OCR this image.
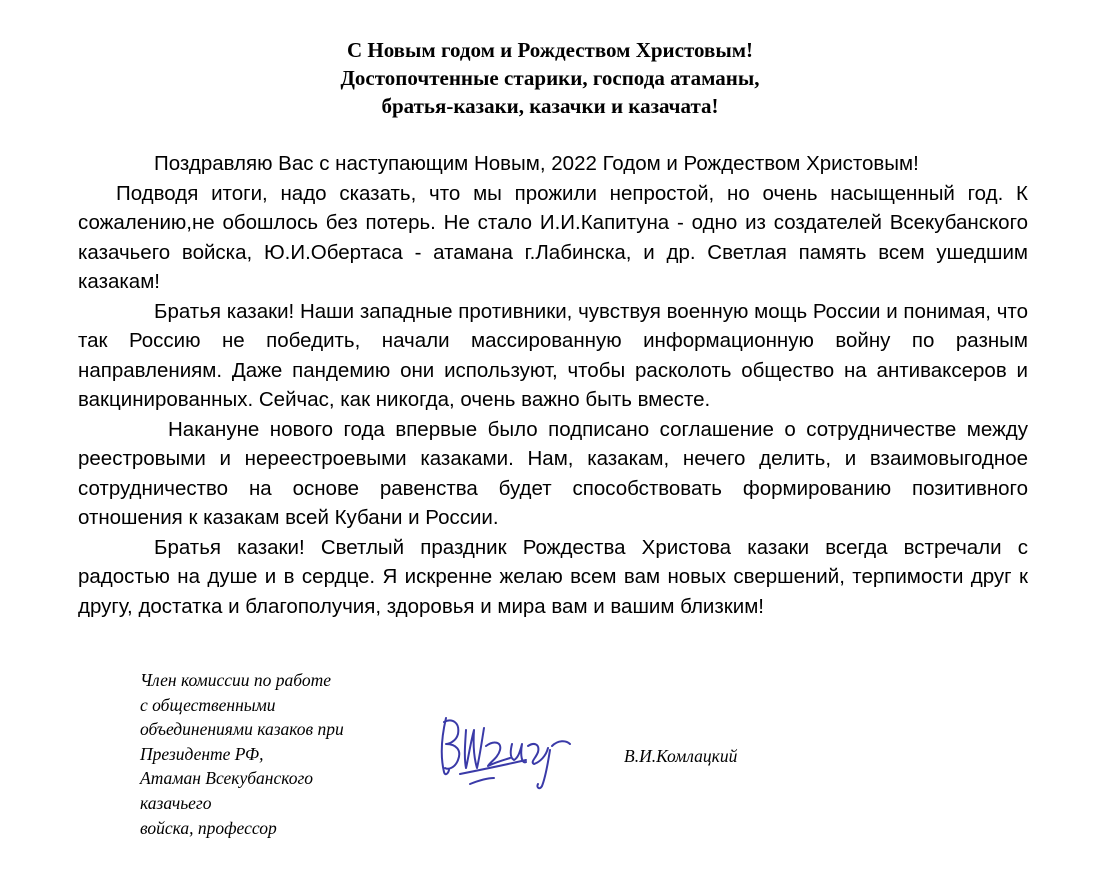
С Новым годом и Рождеством Христовым!
Достопочтенные старики, господа атаманы,
братья-казаки, казачки и казачата!

Поздравляю Вас с наступающим Новым, 2022 Годом и Рождеством Христовым!

Подводя итоги, надо сказать, что мы прожили непростой, но очень насыщенный год. К сожалению,не обошлось без потерь. Не стало И.И.Капитуна - одно из создателей Всекубанского казачьего войска, Ю.И.Обертаса - атамана г.Лабинска, и др. Светлая память всем ушедшим казакам!

Братья казаки! Наши западные противники, чувствуя военную мощь России и понимая, что так Россию не победить, начали массированную информационную войну по разным направлениям. Даже пандемию они используют, чтобы расколоть общество на антиваксеров и вакцинированных. Сейчас, как никогда, очень важно быть вместе.

Накануне нового года впервые было подписано соглашение о сотрудничестве между реестровыми и нереестроевыми казаками. Нам, казакам, нечего делить, и взаимовыгодное сотрудничество на основе равенства будет способствовать формированию позитивного отношения к казакам всей Кубани и России.

Братья казаки! Светлый праздник Рождества Христова казаки всегда встречали с радостью на душе и в сердце. Я искренне желаю всем вам новых свершений, терпимости друг к другу, достатка и благополучия, здоровья и мира вам и вашим близким!

Член комиссии по работе
с общественными
объединениями казаков при
Президенте РФ,
Атаман Всекубанского
казачьего
войска, профессор
В.И.Комлацкий
